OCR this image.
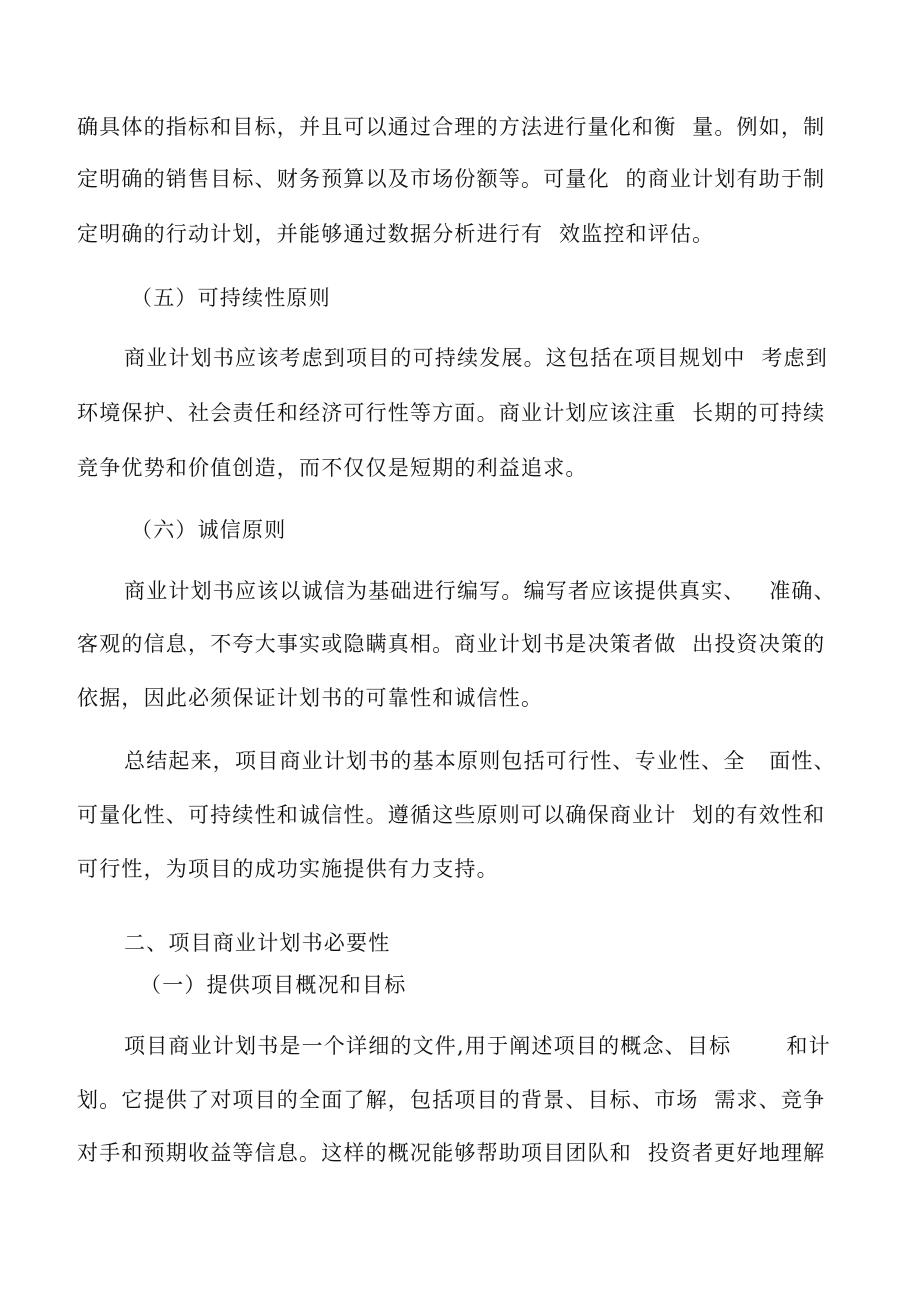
确具体的指标和目标，并且可以通过合理的方法进行量化和衡  量。例如，制
定明确的销售目标、财务预算以及市场份额等。可量化  的商业计划有助于制
定明确的行动计划，并能够通过数据分析进行有  效监控和评估。
（五）可持续性原则
商业计划书应该考虑到项目的可持续发展。这包括在项目规划中  考虑到
环境保护、社会责任和经济可行性等方面。商业计划应该注重  长期的可持续
竞争优势和价值创造，而不仅仅是短期的利益追求。
（六）诚信原则
商业计划书应该以诚信为基础进行编写。编写者应该提供真实、   准确、
客观的信息，不夸大事实或隐瞒真相。商业计划书是决策者做  出投资决策的
依据，因此必须保证计划书的可靠性和诚信性。
总结起来，项目商业计划书的基本原则包括可行性、专业性、全   面性、
可量化性、可持续性和诚信性。遵循这些原则可以确保商业计  划的有效性和
可行性，为项目的成功实施提供有力支持。
二、项目商业计划书必要性
（一）提供项目概况和目标
项目商业计划书是一个详细的文件,用于阐述项目的概念、目标       和计
划。它提供了对项目的全面了解，包括项目的背景、目标、市场  需求、竞争
对手和预期收益等信息。这样的概况能够帮助项目团队和  投资者更好地理解
